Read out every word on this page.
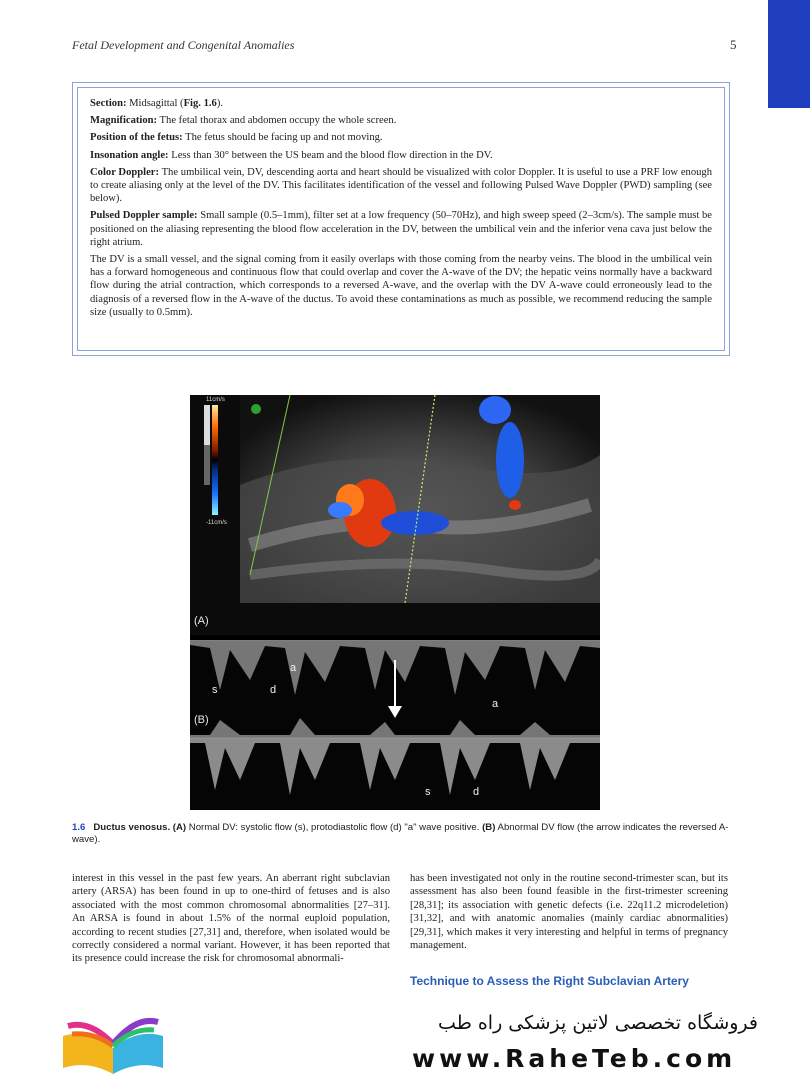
Fetal Development and Congenital Anomalies	5

Section: Midsagittal (Fig. 1.6).

Magnification: The fetal thorax and abdomen occupy the whole screen.

Position of the fetus: The fetus should be facing up and not moving.

Insonation angle: Less than 30° between the US beam and the blood flow direction in the DV.

Color Doppler: The umbilical vein, DV, descending aorta and heart should be visualized with color Doppler. It is useful to use a PRF low enough to create aliasing only at the level of the DV. This facilitates identification of the vessel and following Pulsed Wave Doppler (PWD) sampling (see below).

Pulsed Doppler sample: Small sample (0.5–1mm), filter set at a low frequency (50–70Hz), and high sweep speed (2–3cm/s). The sample must be positioned on the aliasing representing the blood flow acceleration in the DV, between the umbilical vein and the inferior vena cava just below the right atrium.

The DV is a small vessel, and the signal coming from it easily overlaps with those coming from the nearby veins. The blood in the umbilical vein has a forward homogeneous and continuous flow that could overlap and cover the A-wave of the DV; the hepatic veins normally have a backward flow during the atrial contraction, which corresponds to a reversed A-wave, and the overlap with the DV A-wave could erroneously lead to the diagnosis of a reversed flow in the A-wave of the ductus. To avoid these contaminations as much as possible, we recommend reducing the sample size (usually to 0.5mm).

11cm/s
-11cm/s
(A)
a
s	d
a
(B)
s	d
1.6 Ductus venosus. (A) Normal DV: systolic flow (s), protodiastolic flow (d) "a" wave positive. (B) Abnormal DV flow (the arrow indicates the reversed A-wave).
interest in this vessel in the past few years. An aberrant right subclavian artery (ARSA) has been found in up to one-third of fetuses and is also associated with the most common chromosomal abnormalities [27–31]. An ARSA is found in about 1.5% of the normal euploid population, according to recent studies [27,31] and, therefore, when isolated would be correctly considered a normal variant. However, it has been reported that its presence could increase the risk for chromosomal abnormali-
has been investigated not only in the routine second-trimester scan, but its assessment has also been found feasible in the first-trimester screening [28,31]; its association with genetic defects (i.e. 22q11.2 microdeletion) [31,32], and with anatomic anomalies (mainly cardiac abnormalities) [29,31], which makes it very interesting and helpful in terms of pregnancy management.
Technique to Assess the Right Subclavian Artery
فروشگاه تخصصی لاتین پزشکی راه طب
www.RaheTeb.com
